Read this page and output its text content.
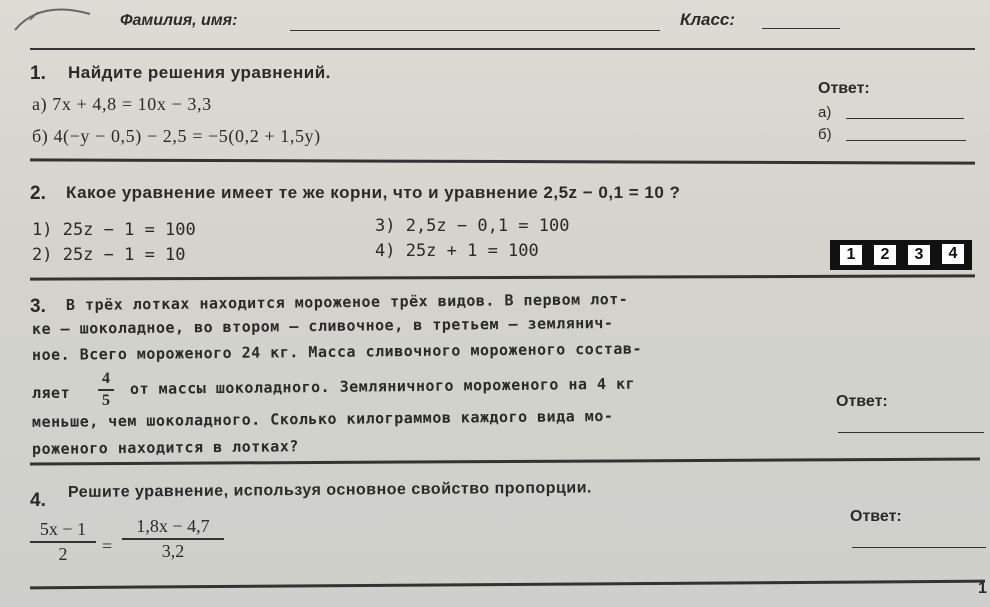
Фамилия, имя:	Класс:
1. Найдите решения уравнений.
а) 7x + 4,8 = 10x − 3,3
б) 4(−y − 0,5) − 2,5 = −5(0,2 + 1,5y)
Ответ:
а)
б)
2. Какое уравнение имеет те же корни, что и уравнение 2,5z − 0,1 = 10 ?
1) 25z − 1 = 100
2) 25z − 1 = 10
3) 2,5z − 0,1 = 100
4) 25z + 1 = 100	1	2	3	4
3. В трёх лотках находится мороженое трёх видов. В первом лот-
ке — шоколадное, во втором — сливочное, в третьем — землянич-
ное. Всего мороженого 24 кг. Масса сливочного мороженого состав-
ляет
4
5
от массы шоколадного. Земляничного мороженого на 4 кг
меньше, чем шоколадного. Сколько килограммов каждого вида мо-
роженого находится в лотках?
Ответ:
4. Решите уравнение, используя основное свойство пропорции.
5x − 1
2	=
1,8x − 4,7
3,2
Ответ:
1
